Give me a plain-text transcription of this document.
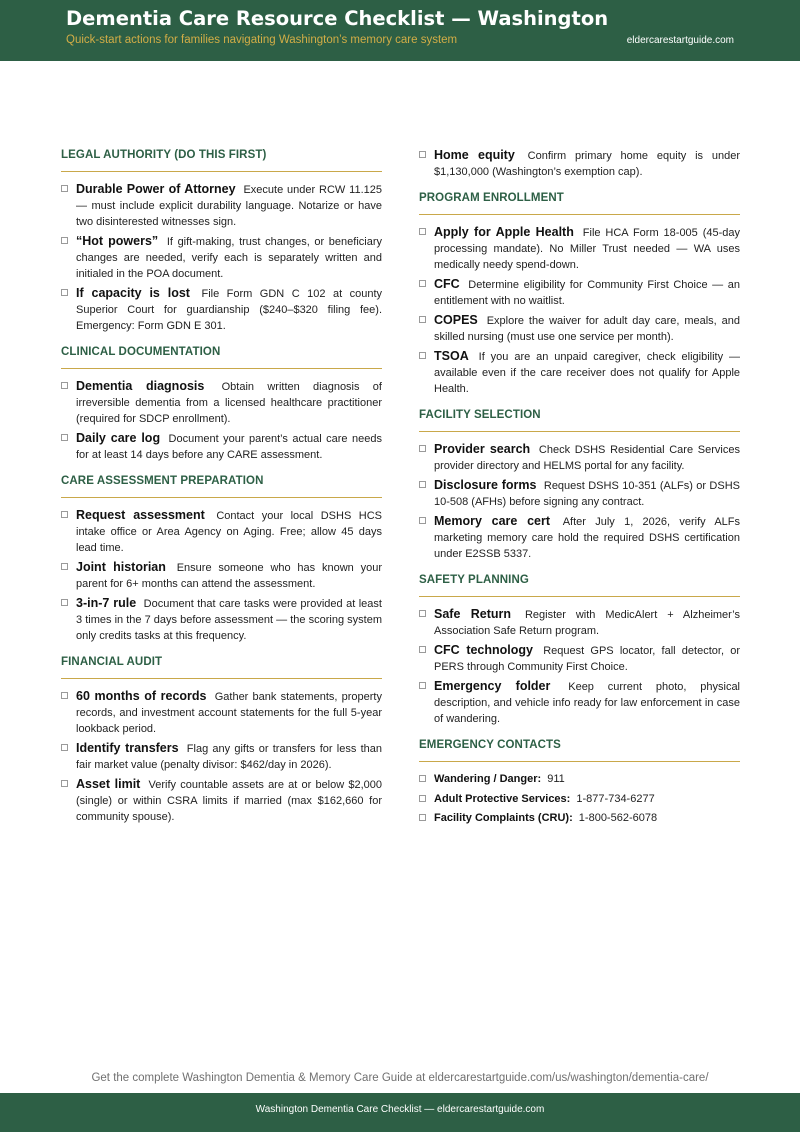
Dementia Care Resource Checklist — Washington
Quick-start actions for families navigating Washington’s memory care system	eldercarestartguide.com
LEGAL AUTHORITY (DO THIS FIRST)
Durable Power of Attorney Execute under RCW 11.125 — must include explicit durability language. Notarize or have two disinterested witnesses sign.
“Hot powers” If gift-making, trust changes, or beneficiary changes are needed, verify each is separately written and initialed in the POA document.
If capacity is lost File Form GDN C 102 at county Superior Court for guardianship ($240–$320 filing fee). Emergency: Form GDN E 301.
CLINICAL DOCUMENTATION
Dementia diagnosis Obtain written diagnosis of irreversible dementia from a licensed healthcare practitioner (required for SDCP enrollment).
Daily care log Document your parent’s actual care needs for at least 14 days before any CARE assessment.
CARE ASSESSMENT PREPARATION
Request assessment Contact your local DSHS HCS intake office or Area Agency on Aging. Free; allow 45 days lead time.
Joint historian Ensure someone who has known your parent for 6+ months can attend the assessment.
3-in-7 rule Document that care tasks were provided at least 3 times in the 7 days before assessment — the scoring system only credits tasks at this frequency.
FINANCIAL AUDIT
60 months of records Gather bank statements, property records, and investment account statements for the full 5-year lookback period.
Identify transfers Flag any gifts or transfers for less than fair market value (penalty divisor: $462/day in 2026).
Asset limit Verify countable assets are at or below $2,000 (single) or within CSRA limits if married (max $162,660 for community spouse).
Home equity Confirm primary home equity is under $1,130,000 (Washington’s exemption cap).
PROGRAM ENROLLMENT
Apply for Apple Health File HCA Form 18-005 (45-day processing mandate). No Miller Trust needed — WA uses medically needy spend-down.
CFC Determine eligibility for Community First Choice — an entitlement with no waitlist.
COPES Explore the waiver for adult day care, meals, and skilled nursing (must use one service per month).
TSOA If you are an unpaid caregiver, check eligibility — available even if the care receiver does not qualify for Apple Health.
FACILITY SELECTION
Provider search Check DSHS Residential Care Services provider directory and HELMS portal for any facility.
Disclosure forms Request DSHS 10-351 (ALFs) or DSHS 10-508 (AFHs) before signing any contract.
Memory care cert After July 1, 2026, verify ALFs marketing memory care hold the required DSHS certification under E2SSB 5337.
SAFETY PLANNING
Safe Return Register with MedicAlert + Alzheimer’s Association Safe Return program.
CFC technology Request GPS locator, fall detector, or PERS through Community First Choice.
Emergency folder Keep current photo, physical description, and vehicle info ready for law enforcement in case of wandering.
EMERGENCY CONTACTS
Wandering / Danger: 911
Adult Protective Services: 1-877-734-6277
Facility Complaints (CRU): 1-800-562-6078
Get the complete Washington Dementia & Memory Care Guide at eldercarestartguide.com/us/washington/dementia-care/
Washington Dementia Care Checklist — eldercarestartguide.com
